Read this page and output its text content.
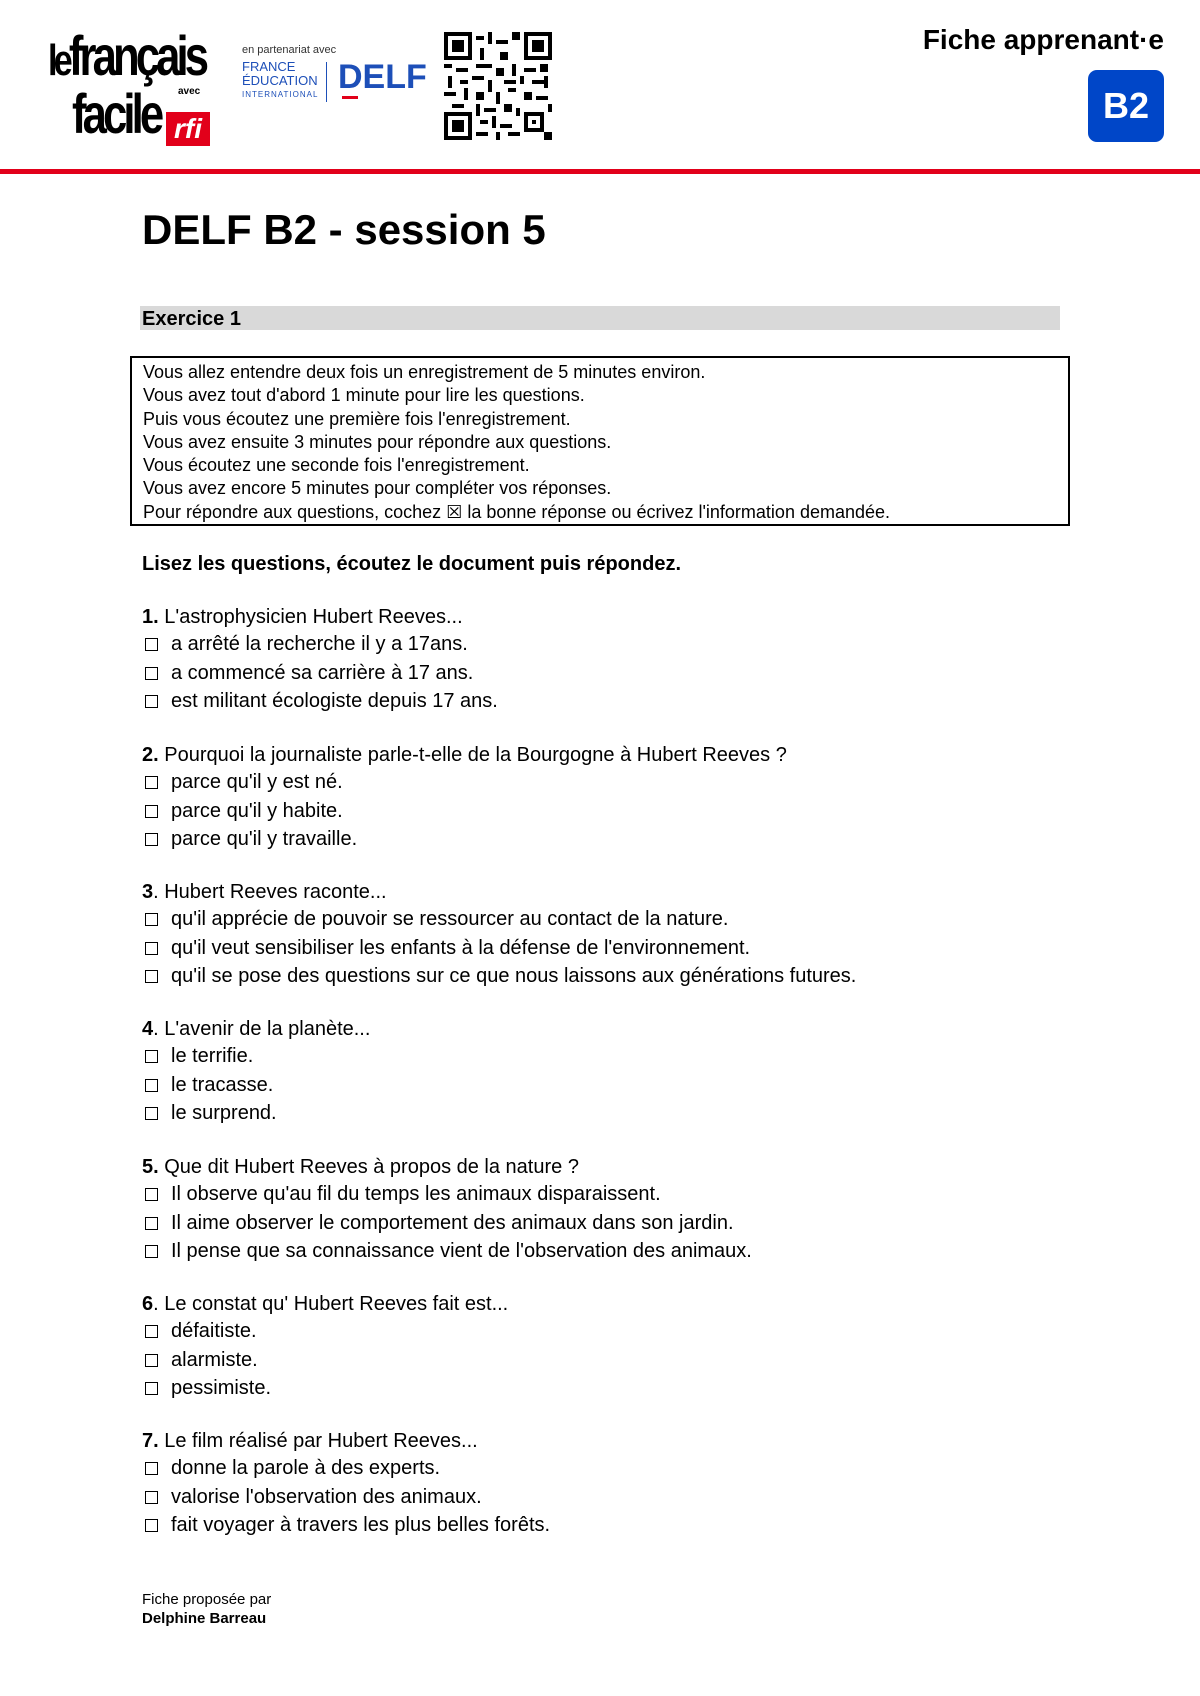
lefrançais
facile avec
rfi
en partenariat avec
FRANCE
ÉDUCATION
INTERNATIONAL DELF
Fiche apprenant·e
B2
DELF B2 - session 5
Exercice 1
Vous allez entendre deux fois un enregistrement de 5 minutes environ.
Vous avez tout d'abord 1 minute pour lire les questions.
Puis vous écoutez une première fois l'enregistrement.
Vous avez ensuite 3 minutes pour répondre aux questions.
Vous écoutez une seconde fois l'enregistrement.
Vous avez encore 5 minutes pour compléter vos réponses.
Pour répondre aux questions, cochez ☒ la bonne réponse ou écrivez l'information demandée.
Lisez les questions, écoutez le document puis répondez.
1. L'astrophysicien Hubert Reeves...
a arrêté la recherche il y a 17ans.
a commencé sa carrière à 17 ans.
est militant écologiste depuis 17 ans.
2. Pourquoi la journaliste parle-t-elle de la Bourgogne à Hubert Reeves ?
parce qu'il y est né.
parce qu'il y habite.
parce qu'il y travaille.
3. Hubert Reeves raconte...
qu'il apprécie de pouvoir se ressourcer au contact de la nature.
qu'il veut sensibiliser les enfants à la défense de l'environnement.
qu'il se pose des questions sur ce que nous laissons aux générations futures.
4. L'avenir de la planète...
le terrifie.
le tracasse.
le surprend.
5. Que dit Hubert Reeves à propos de la nature ?
Il observe qu'au fil du temps les animaux disparaissent.
Il aime observer le comportement des animaux dans son jardin.
Il pense que sa connaissance vient de l'observation des animaux.
6. Le constat qu' Hubert Reeves fait est...
défaitiste.
alarmiste.
pessimiste.
7. Le film réalisé par Hubert Reeves...
donne la parole à des experts.
valorise l'observation des animaux.
fait voyager à travers les plus belles forêts.
Fiche proposée par
Delphine Barreau
